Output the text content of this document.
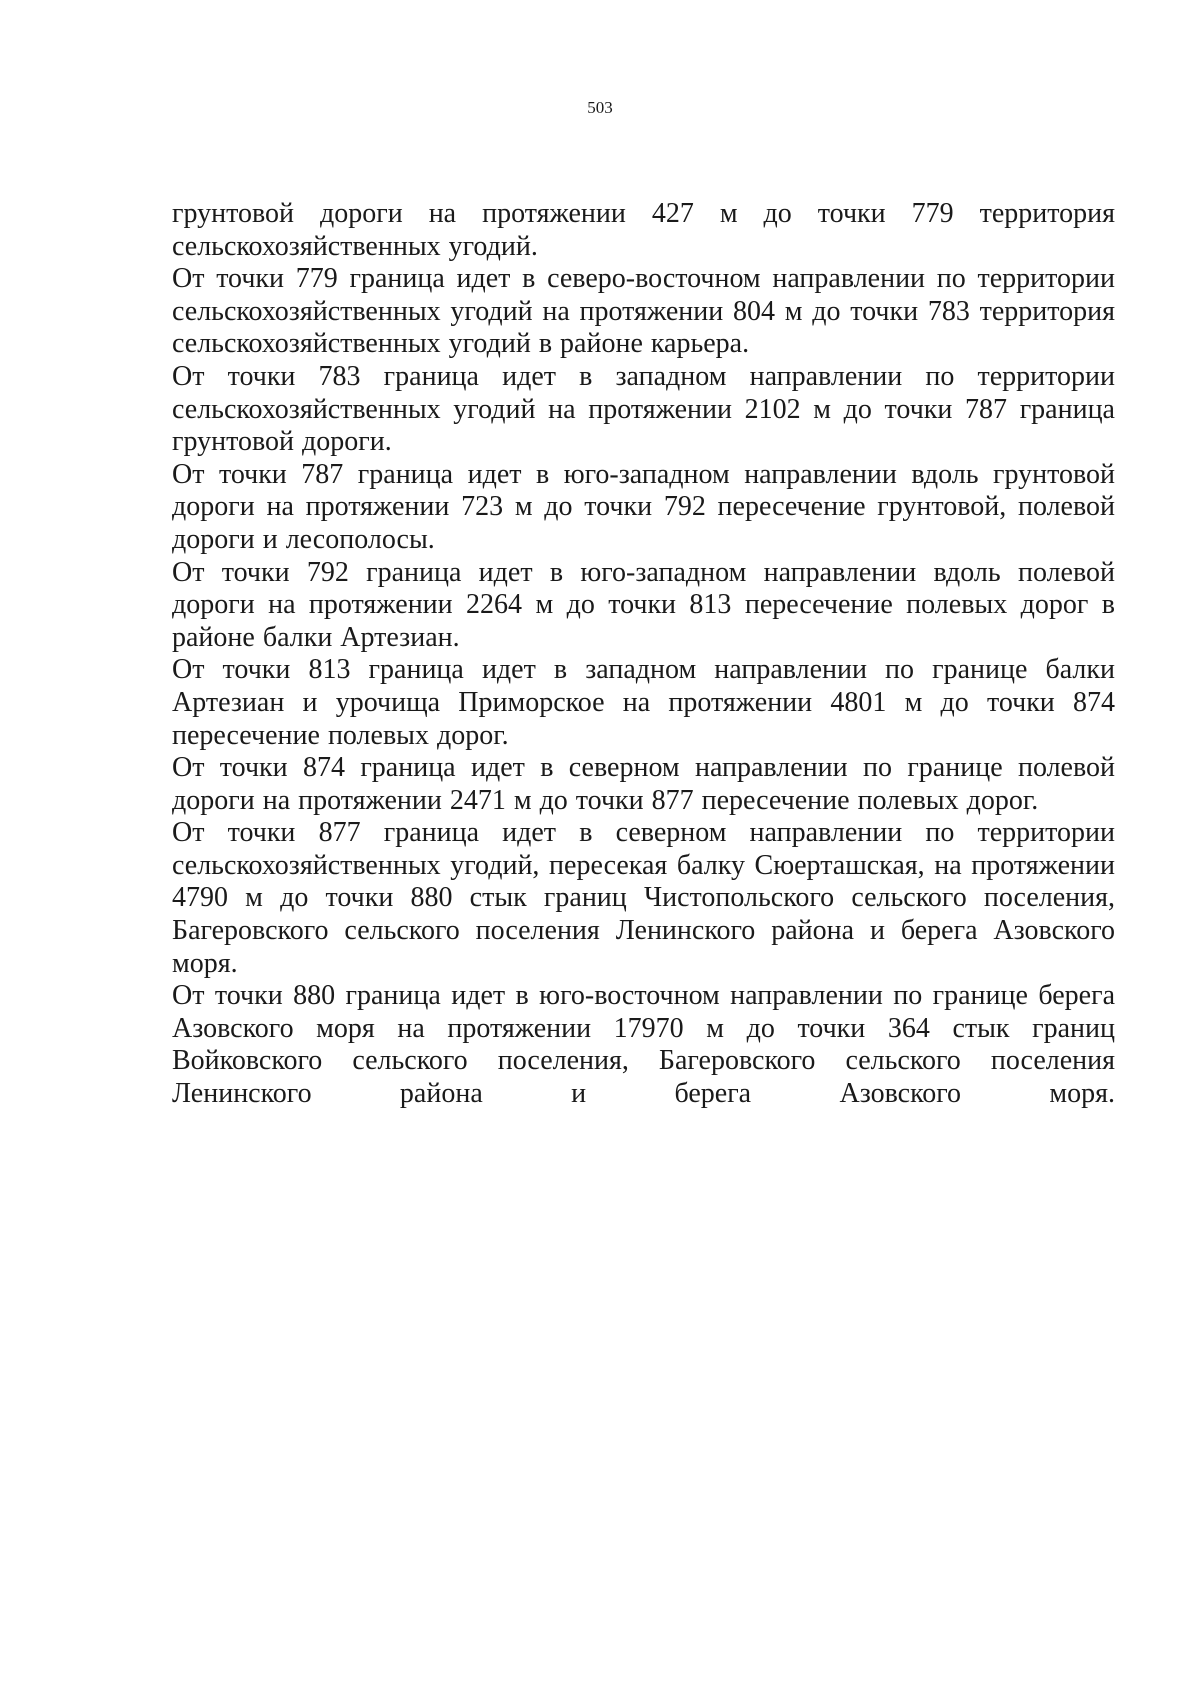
503

грунтовой дороги на протяжении 427 м до точки 779 территория сельскохозяйственных угодий.

От точки 779 граница идет в северо-восточном направлении по территории сельскохозяйственных угодий на протяжении 804 м до точки 783 территория сельскохозяйственных угодий в районе карьера.

От точки 783 граница идет в западном направлении по территории сельскохозяйственных угодий на протяжении 2102 м до точки 787 граница грунтовой дороги.

От точки 787 граница идет в юго-западном направлении вдоль грунтовой дороги на протяжении 723 м до точки 792 пересечение грунтовой, полевой дороги и лесополосы.

От точки 792 граница идет в юго-западном направлении вдоль полевой дороги на протяжении 2264 м до точки 813 пересечение полевых дорог в районе балки Артезиан.

От точки 813 граница идет в западном направлении по границе балки Артезиан и урочища Приморское на протяжении 4801 м до точки 874 пересечение полевых дорог.

От точки 874 граница идет в северном направлении по границе полевой дороги на протяжении 2471 м до точки 877 пересечение полевых дорог.

От точки 877 граница идет в северном направлении по территории сельскохозяйственных угодий, пересекая балку Сюерташская, на протяжении 4790 м до точки 880 стык границ Чистопольского сельского поселения, Багеровского сельского поселения Ленинского района и берега Азовского моря.

От точки 880 граница идет в юго-восточном направлении по границе берега Азовского моря на протяжении 17970 м до точки 364 стык границ Войковского сельского поселения, Багеровского сельского поселения Ленинского района и берега Азовского моря.
